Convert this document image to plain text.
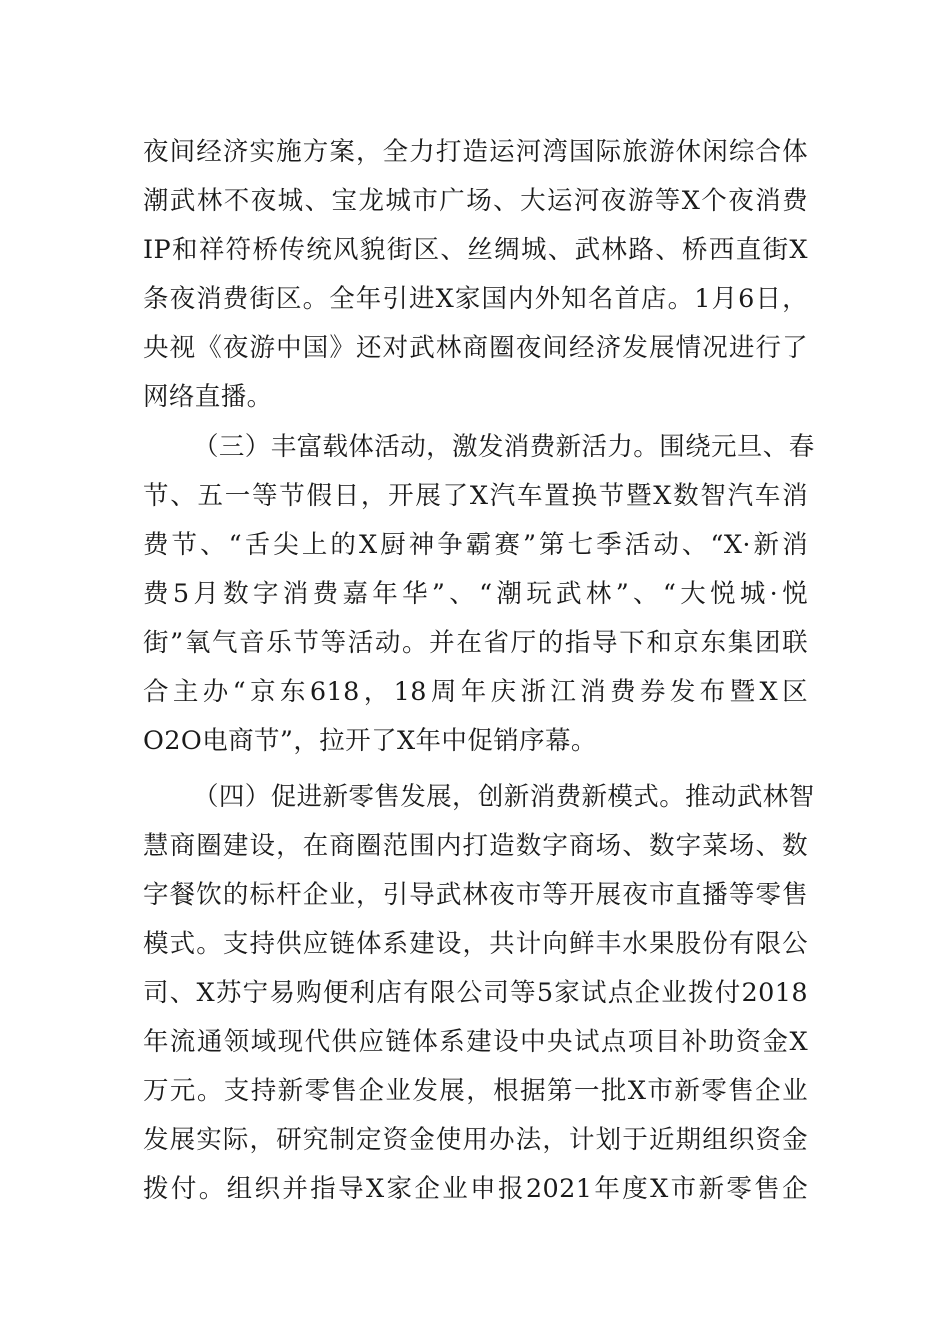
夜间经济实施方案，全力打造运河湾国际旅游休闲综合体
潮武林不夜城、宝龙城市广场、大运河夜游等X个夜消费
IP和祥符桥传统风貌街区、丝绸城、武林路、桥西直街X
条夜消费街区。全年引进X家国内外知名首店。1月6日，
央视《夜游中国》还对武林商圈夜间经济发展情况进行了
网络直播。
（三）丰富载体活动，激发消费新活力。围绕元旦、春
节、五一等节假日，开展了X汽车置换节暨X数智汽车消
费节、“舌尖上的X厨神争霸赛”第七季活动、“X·新消
费5月数字消费嘉年华”、“潮玩武林”、“大悦城·悦
街”氧气音乐节等活动。并在省厅的指导下和京东集团联
合主办“京东618，18周年庆浙江消费券发布暨X区
O2O电商节”，拉开了X年中促销序幕。
（四）促进新零售发展，创新消费新模式。推动武林智
慧商圈建设，在商圈范围内打造数字商场、数字菜场、数
字餐饮的标杆企业，引导武林夜市等开展夜市直播等零售
模式。支持供应链体系建设，共计向鲜丰水果股份有限公
司、X苏宁易购便利店有限公司等5家试点企业拨付2018
年流通领域现代供应链体系建设中央试点项目补助资金X
万元。支持新零售企业发展，根据第一批X市新零售企业
发展实际，研究制定资金使用办法，计划于近期组织资金
拨付。组织并指导X家企业申报2021年度X市新零售企
